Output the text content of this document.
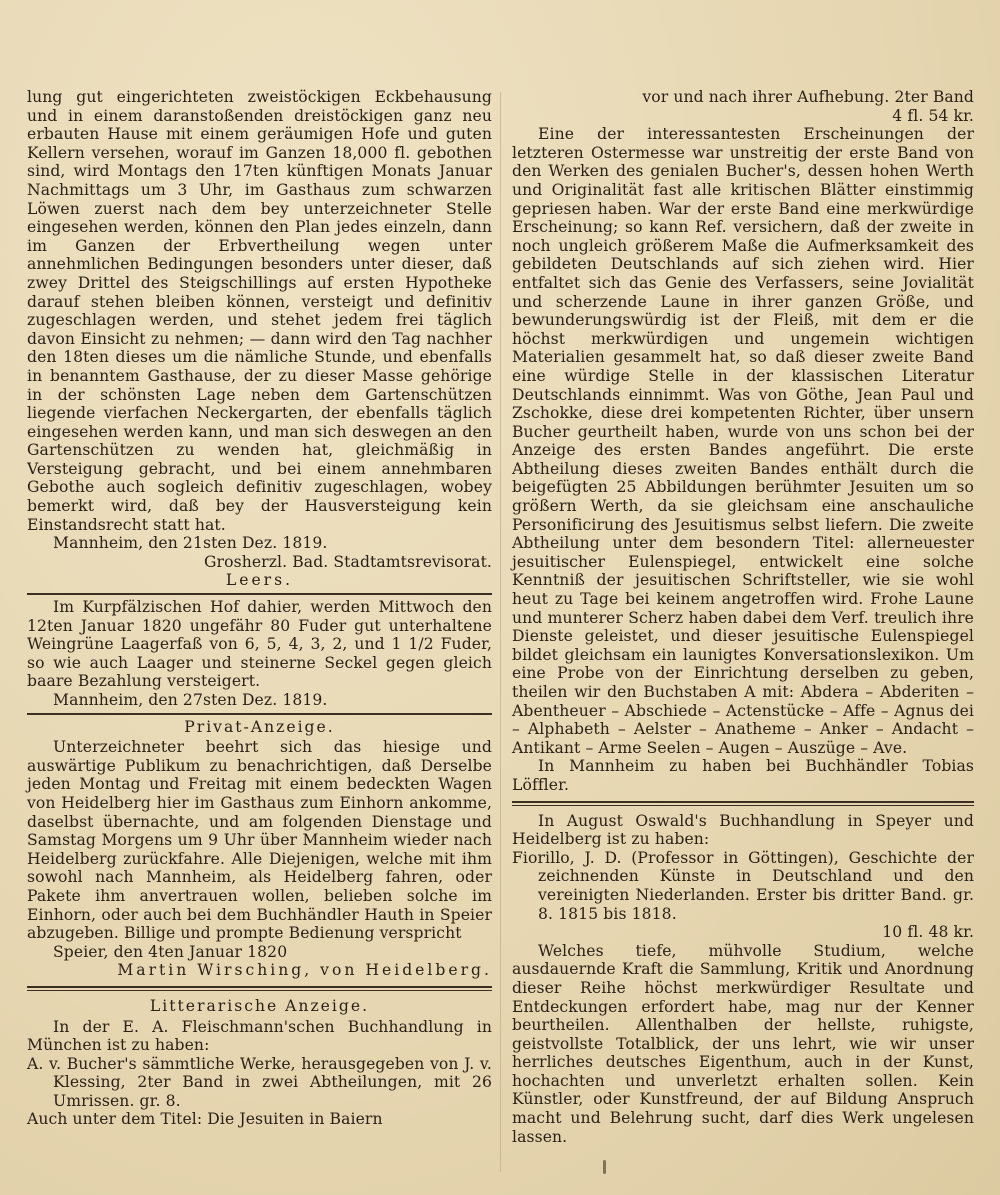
lung gut eingerichteten zweistöckigen Eckbehausung und in einem daranstoßenden dreistöckigen ganz neu erbauten Hause mit einem geräumigen Hofe und guten Kellern versehen, worauf im Ganzen 18,000 fl. gebothen sind, wird Montags den 17ten künftigen Monats Januar Nachmittags um 3 Uhr, im Gasthaus zum schwarzen Löwen zuerst nach dem bey unterzeichneter Stelle eingesehen werden, können den Plan jedes einzeln, dann im Ganzen der Erbvertheilung wegen unter annehmlichen Bedingungen besonders unter dieser, daß zwey Drittel des Steigschillings auf ersten Hypotheke darauf stehen bleiben können, versteigt und definitiv zugeschlagen werden, und stehet jedem frei täglich davon Einsicht zu nehmen; — dann wird den Tag nachher den 18ten dieses um die nämliche Stunde, und ebenfalls in benanntem Gasthause, der zu dieser Masse gehörige in der schönsten Lage neben dem Gartenschützen liegende vierfachen Neckergarten, der ebenfalls täglich eingesehen werden kann, und man sich deswegen an den Gartenschützen zu wenden hat, gleichmäßig in Versteigung gebracht, und bei einem annehmbaren Gebothe auch sogleich definitiv zugeschlagen, wobey bemerkt wird, daß bey der Hausversteigung kein Einstandsrecht statt hat.

Mannheim, den 21sten Dez. 1819.

Grosherzl. Bad. Stadtamtsrevisorat.

Leers.

Im Kurpfälzischen Hof dahier, werden Mittwoch den 12ten Januar 1820 ungefähr 80 Fuder gut unterhaltene Weingrüne Laagerfaß von 6, 5, 4, 3, 2, und 1 1/2 Fuder, so wie auch Laager und steinerne Seckel gegen gleich baare Bezahlung versteigert.

Mannheim, den 27sten Dez. 1819.

Privat-Anzeige.

Unterzeichneter beehrt sich das hiesige und auswärtige Publikum zu benachrichtigen, daß Derselbe jeden Montag und Freitag mit einem bedeckten Wagen von Heidelberg hier im Gasthaus zum Einhorn ankomme, daselbst übernachte, und am folgenden Dienstage und Samstag Morgens um 9 Uhr über Mannheim wieder nach Heidelberg zurückfahre. Alle Diejenigen, welche mit ihm sowohl nach Mannheim, als Heidelberg fahren, oder Pakete ihm anvertrauen wollen, belieben solche im Einhorn, oder auch bei dem Buchhändler Hauth in Speier abzugeben. Billige und prompte Bedienung verspricht

Speier, den 4ten Januar 1820

Martin Wirsching, von Heidelberg.

Litterarische Anzeige.

In der E. A. Fleischmann'schen Buchhandlung in München ist zu haben:

A. v. Bucher's sämmtliche Werke, herausgegeben von J. v. Klessing, 2ter Band in zwei Abtheilungen, mit 26 Umrissen. gr. 8.

Auch unter dem Titel: Die Jesuiten in Baiern

vor und nach ihrer Aufhebung. 2ter Band

4 fl. 54 kr.

Eine der interessantesten Erscheinungen der letzteren Ostermesse war unstreitig der erste Band von den Werken des genialen Bucher's, dessen hohen Werth und Originalität fast alle kritischen Blätter einstimmig gepriesen haben. War der erste Band eine merkwürdige Erscheinung; so kann Ref. versichern, daß der zweite in noch ungleich größerem Maße die Aufmerksamkeit des gebildeten Deutschlands auf sich ziehen wird. Hier entfaltet sich das Genie des Verfassers, seine Jovialität und scherzende Laune in ihrer ganzen Größe, und bewunderungswürdig ist der Fleiß, mit dem er die höchst merkwürdigen und ungemein wichtigen Materialien gesammelt hat, so daß dieser zweite Band eine würdige Stelle in der klassischen Literatur Deutschlands einnimmt. Was von Göthe, Jean Paul und Zschokke, diese drei kompetenten Richter, über unsern Bucher geurtheilt haben, wurde von uns schon bei der Anzeige des ersten Bandes angeführt. Die erste Abtheilung dieses zweiten Bandes enthält durch die beigefügten 25 Abbildungen berühmter Jesuiten um so größern Werth, da sie gleichsam eine anschauliche Personificirung des Jesuitismus selbst liefern. Die zweite Abtheilung unter dem besondern Titel: allerneuester jesuitischer Eulenspiegel, entwickelt eine solche Kenntniß der jesuitischen Schriftsteller, wie sie wohl heut zu Tage bei keinem angetroffen wird. Frohe Laune und munterer Scherz haben dabei dem Verf. treulich ihre Dienste geleistet, und dieser jesuitische Eulenspiegel bildet gleichsam ein launigtes Konversationslexikon. Um eine Probe von der Einrichtung derselben zu geben, theilen wir den Buchstaben A mit: Abdera – Abderiten – Abentheuer – Abschiede – Actenstücke – Affe – Agnus dei – Alphabeth – Aelster – Anatheme – Anker – Andacht – Antikant – Arme Seelen – Augen – Auszüge – Ave.

In Mannheim zu haben bei Buchhändler Tobias Löffler.

In August Oswald's Buchhandlung in Speyer und Heidelberg ist zu haben:

Fiorillo, J. D. (Professor in Göttingen), Geschichte der zeichnenden Künste in Deutschland und den vereinigten Niederlanden. Erster bis dritter Band. gr. 8. 1815 bis 1818.

10 fl. 48 kr.

Welches tiefe, mühvolle Studium, welche ausdauernde Kraft die Sammlung, Kritik und Anordnung dieser Reihe höchst merkwürdiger Resultate und Entdeckungen erfordert habe, mag nur der Kenner beurtheilen. Allenthalben der hellste, ruhigste, geistvollste Totalblick, der uns lehrt, wie wir unser herrliches deutsches Eigenthum, auch in der Kunst, hochachten und unverletzt erhalten sollen. Kein Künstler, oder Kunstfreund, der auf Bildung Anspruch macht und Belehrung sucht, darf dies Werk ungelesen lassen.
